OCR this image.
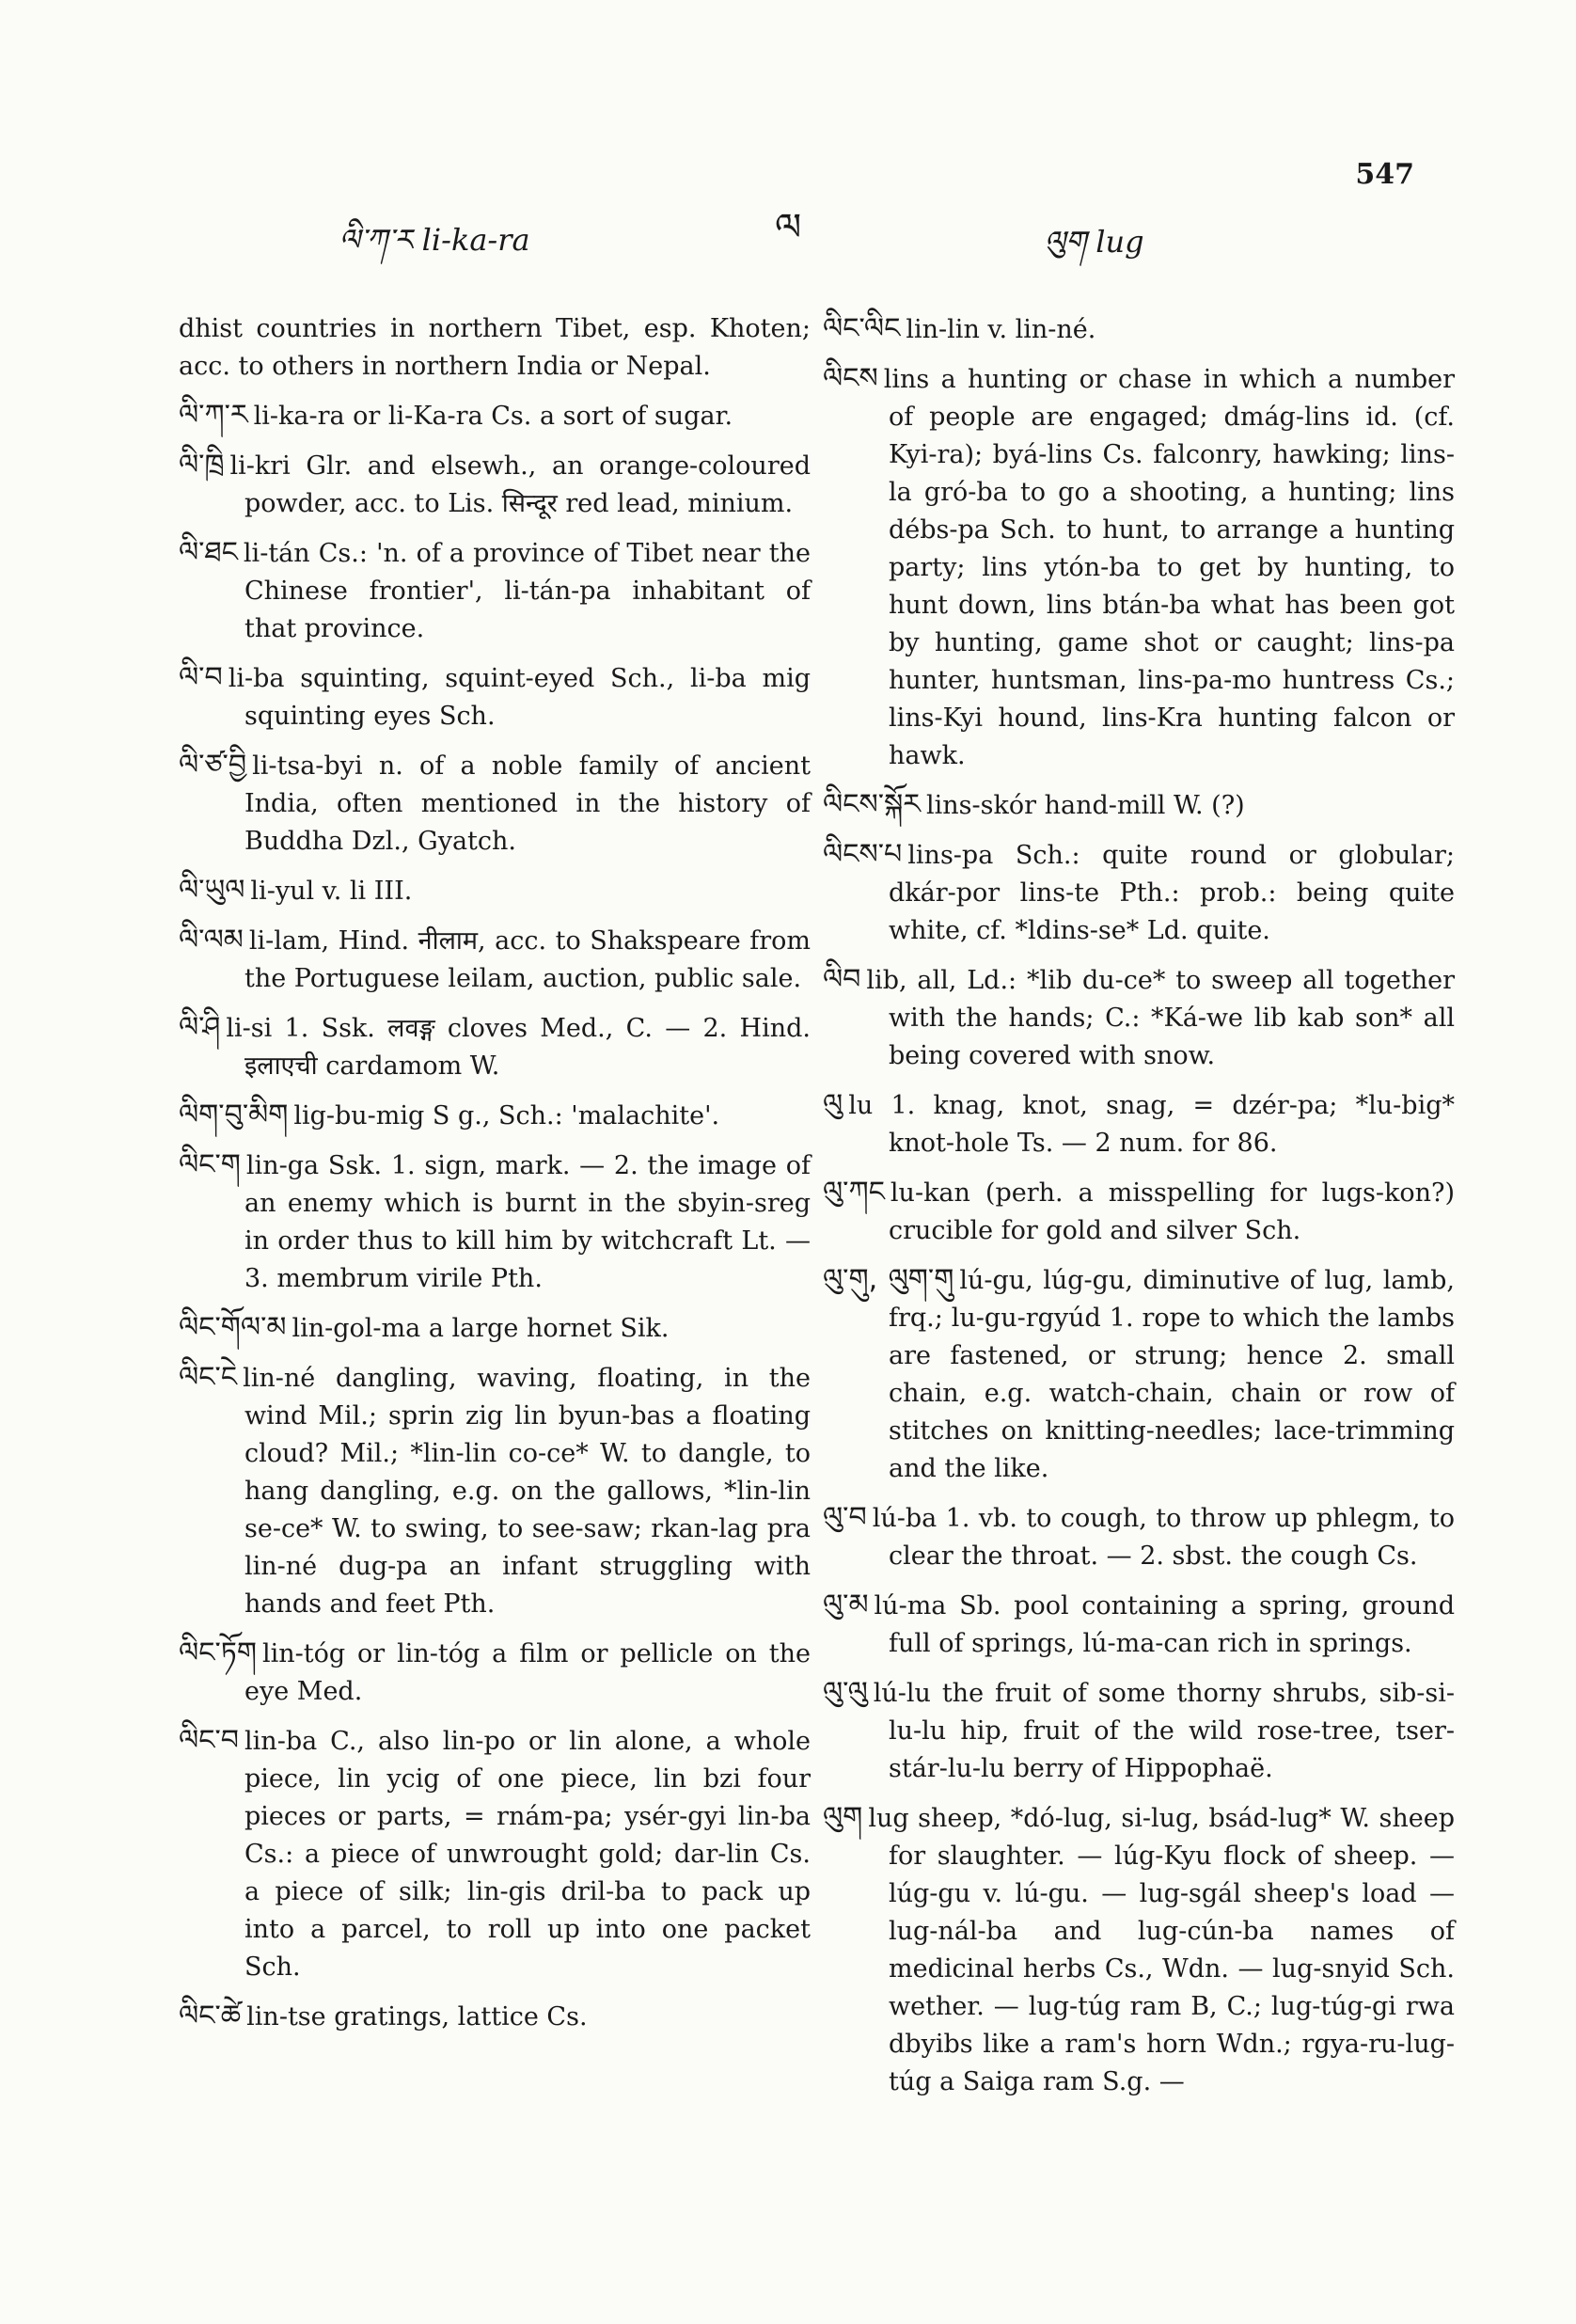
547
ལ
ལི་ཀ་ར li-ka-ra	ལུག lug

dhist countries in northern Tibet, esp. Khoten; acc. to others in northern India or Nepal.

ལི་ཀ་ར li-ka-ra or li-Ka-ra Cs. a sort of sugar.

ལི་ཁྲི li-kri Glr. and elsewh., an orange-coloured powder, acc. to Lis. सिन्दूर red lead, minium.

ལི་ཐང li-tán Cs.: 'n. of a province of Tibet near the Chinese frontier', li-tán-pa inhabitant of that province.

ལི་བ li-ba squinting, squint-eyed Sch., li-ba mig squinting eyes Sch.

ལི་ཙ་བྱི li-tsa-byi n. of a noble family of ancient India, often mentioned in the history of Buddha Dzl., Gyatch.

ལི་ཡུལ li-yul v. li III.

ལི་ལམ li-lam, Hind. नीलाम, acc. to Shakspeare from the Portuguese leilam, auction, public sale.

ལི་ཤི li-si 1. Ssk. लवङ्ग cloves Med., C. — 2. Hind. इलाएची cardamom W.

ལིག་བུ་མིག lig-bu-mig S g., Sch.: 'malachite'.

ལིང་ག lin-ga Ssk. 1. sign, mark. — 2. the image of an enemy which is burnt in the sbyin-sreg in order thus to kill him by witchcraft Lt. — 3. membrum virile Pth.

ལིང་གོལ་མ lin-gol-ma a large hornet Sik.

ལིང་ངེ lin-né dangling, waving, floating, in the wind Mil.; sprin zig lin byun-bas a floating cloud? Mil.; *lin-lin co-ce* W. to dangle, to hang dangling, e.g. on the gallows, *lin-lin se-ce* W. to swing, to see-saw; rkan-lag pra lin-né dug-pa an infant struggling with hands and feet Pth.

ལིང་ཏོག lin-tóg or lin-tóg a film or pellicle on the eye Med.

ལིང་བ lin-ba C., also lin-po or lin alone, a whole piece, lin ycig of one piece, lin bzi four pieces or parts, = rnám-pa; ysér-gyi lin-ba Cs.: a piece of unwrought gold; dar-lin Cs. a piece of silk; lin-gis dril-ba to pack up into a parcel, to roll up into one packet Sch.

ལིང་ཚེ lin-tse gratings, lattice Cs.

ལིང་ལིང lin-lin v. lin-né.

ལིངས lins a hunting or chase in which a number of people are engaged; dmág-lins id. (cf. Kyi-ra); byá-lins Cs. falconry, hawking; lins-la gró-ba to go a shooting, a hunting; lins débs-pa Sch. to hunt, to arrange a hunting party; lins ytón-ba to get by hunting, to hunt down, lins btán-ba what has been got by hunting, game shot or caught; lins-pa hunter, huntsman, lins-pa-mo huntress Cs.; lins-Kyi hound, lins-Kra hunting falcon or hawk.

ལིངས་སྐོར lins-skór hand-mill W. (?)

ལིངས་པ lins-pa Sch.: quite round or globular; dkár-por lins-te Pth.: prob.: being quite white, cf. *ldins-se* Ld. quite.

ལིབ lib, all, Ld.: *lib du-ce* to sweep all together with the hands; C.: *Ká-we lib kab son* all being covered with snow.

ལུ lu 1. knag, knot, snag, = dzér-pa; *lu-big* knot-hole Ts. — 2 num. for 86.

ལུ་ཀང lu-kan (perh. a misspelling for lugs-kon?) crucible for gold and silver Sch.

ལུ་གུ, ལུག་གུ lú-gu, lúg-gu, diminutive of lug, lamb, frq.; lu-gu-rgyúd 1. rope to which the lambs are fastened, or strung; hence 2. small chain, e.g. watch-chain, chain or row of stitches on knitting-needles; lace-trimming and the like.

ལུ་བ lú-ba 1. vb. to cough, to throw up phlegm, to clear the throat. — 2. sbst. the cough Cs.

ལུ་མ lú-ma Sb. pool containing a spring, ground full of springs, lú-ma-can rich in springs.

ལུ་ལུ lú-lu the fruit of some thorny shrubs, sib-si-lu-lu hip, fruit of the wild rose-tree, tser-stár-lu-lu berry of Hippophaë.

ལུག lug sheep, *dó-lug, si-lug, bsád-lug* W. sheep for slaughter. — lúg-Kyu flock of sheep. — lúg-gu v. lú-gu. — lug-sgál sheep's load — lug-nál-ba and lug-cún-ba names of medicinal herbs Cs., Wdn. — lug-snyid Sch. wether. — lug-túg ram B, C.; lug-túg-gi rwa dbyibs like a ram's horn Wdn.; rgya-ru-lug-túg a Saiga ram S.g. —
